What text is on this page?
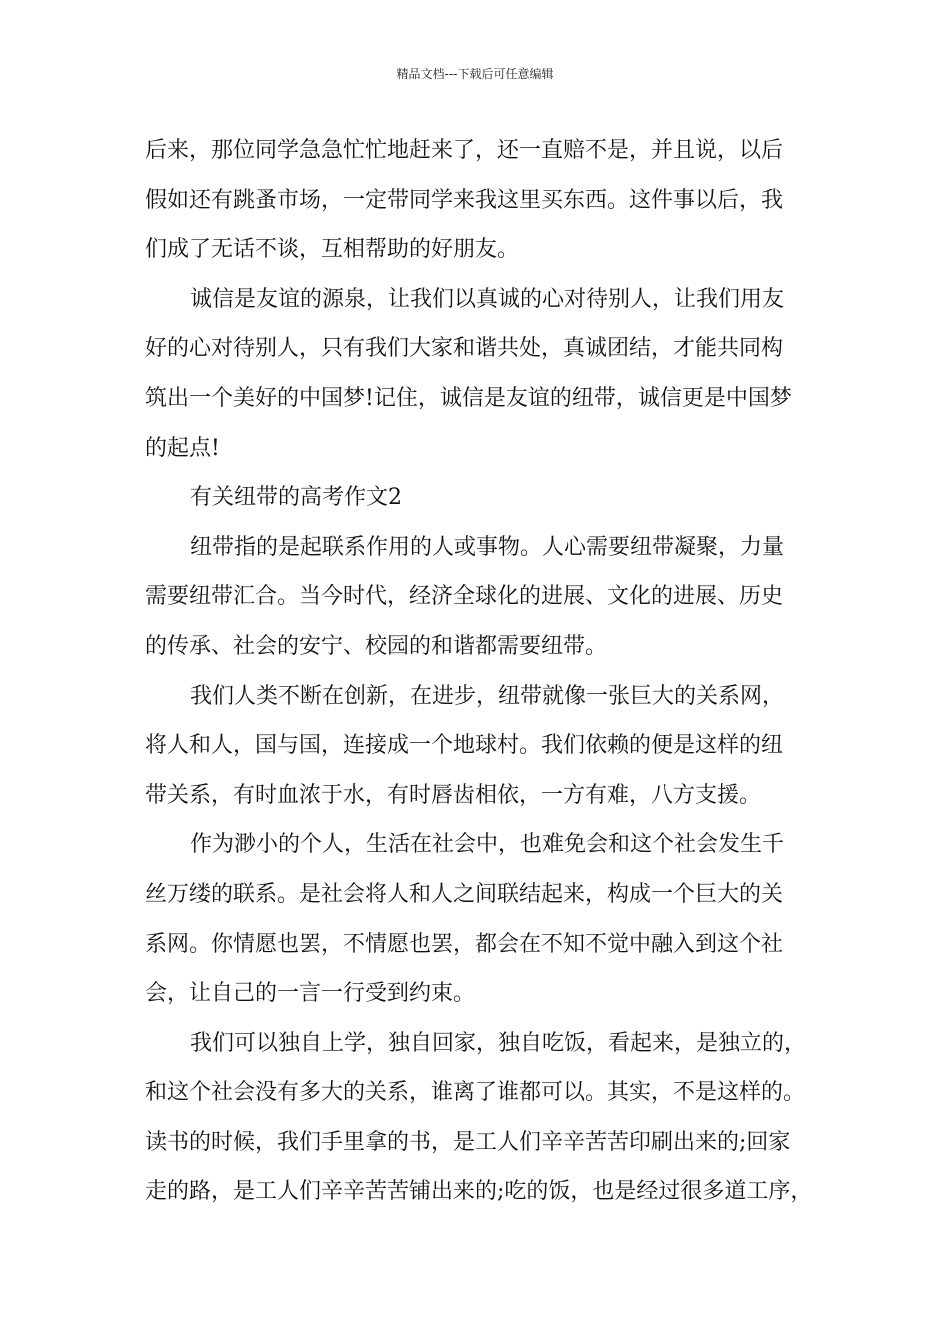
精品文档---下载后可任意编辑
后来，那位同学急急忙忙地赶来了，还一直赔不是，并且说，以后
假如还有跳蚤市场，一定带同学来我这里买东西。这件事以后，我
们成了无话不谈，互相帮助的好朋友。
诚信是友谊的源泉，让我们以真诚的心对待别人，让我们用友
好的心对待别人，只有我们大家和谐共处，真诚团结，才能共同构
筑出一个美好的中国梦!记住，诚信是友谊的纽带，诚信更是中国梦
的起点!
有关纽带的高考作文2
纽带指的是起联系作用的人或事物。人心需要纽带凝聚，力量
需要纽带汇合。当今时代，经济全球化的进展、文化的进展、历史
的传承、社会的安宁、校园的和谐都需要纽带。
我们人类不断在创新，在进步，纽带就像一张巨大的关系网，
将人和人，国与国，连接成一个地球村。我们依赖的便是这样的纽
带关系，有时血浓于水，有时唇齿相依，一方有难，八方支援。
作为渺小的个人，生活在社会中，也难免会和这个社会发生千
丝万缕的联系。是社会将人和人之间联结起来，构成一个巨大的关
系网。你情愿也罢，不情愿也罢，都会在不知不觉中融入到这个社
会，让自己的一言一行受到约束。
我们可以独自上学，独自回家，独自吃饭，看起来，是独立的，
和这个社会没有多大的关系，谁离了谁都可以。其实，不是这样的。
读书的时候，我们手里拿的书，是工人们辛辛苦苦印刷出来的;回家
走的路，是工人们辛辛苦苦铺出来的;吃的饭，也是经过很多道工序，
